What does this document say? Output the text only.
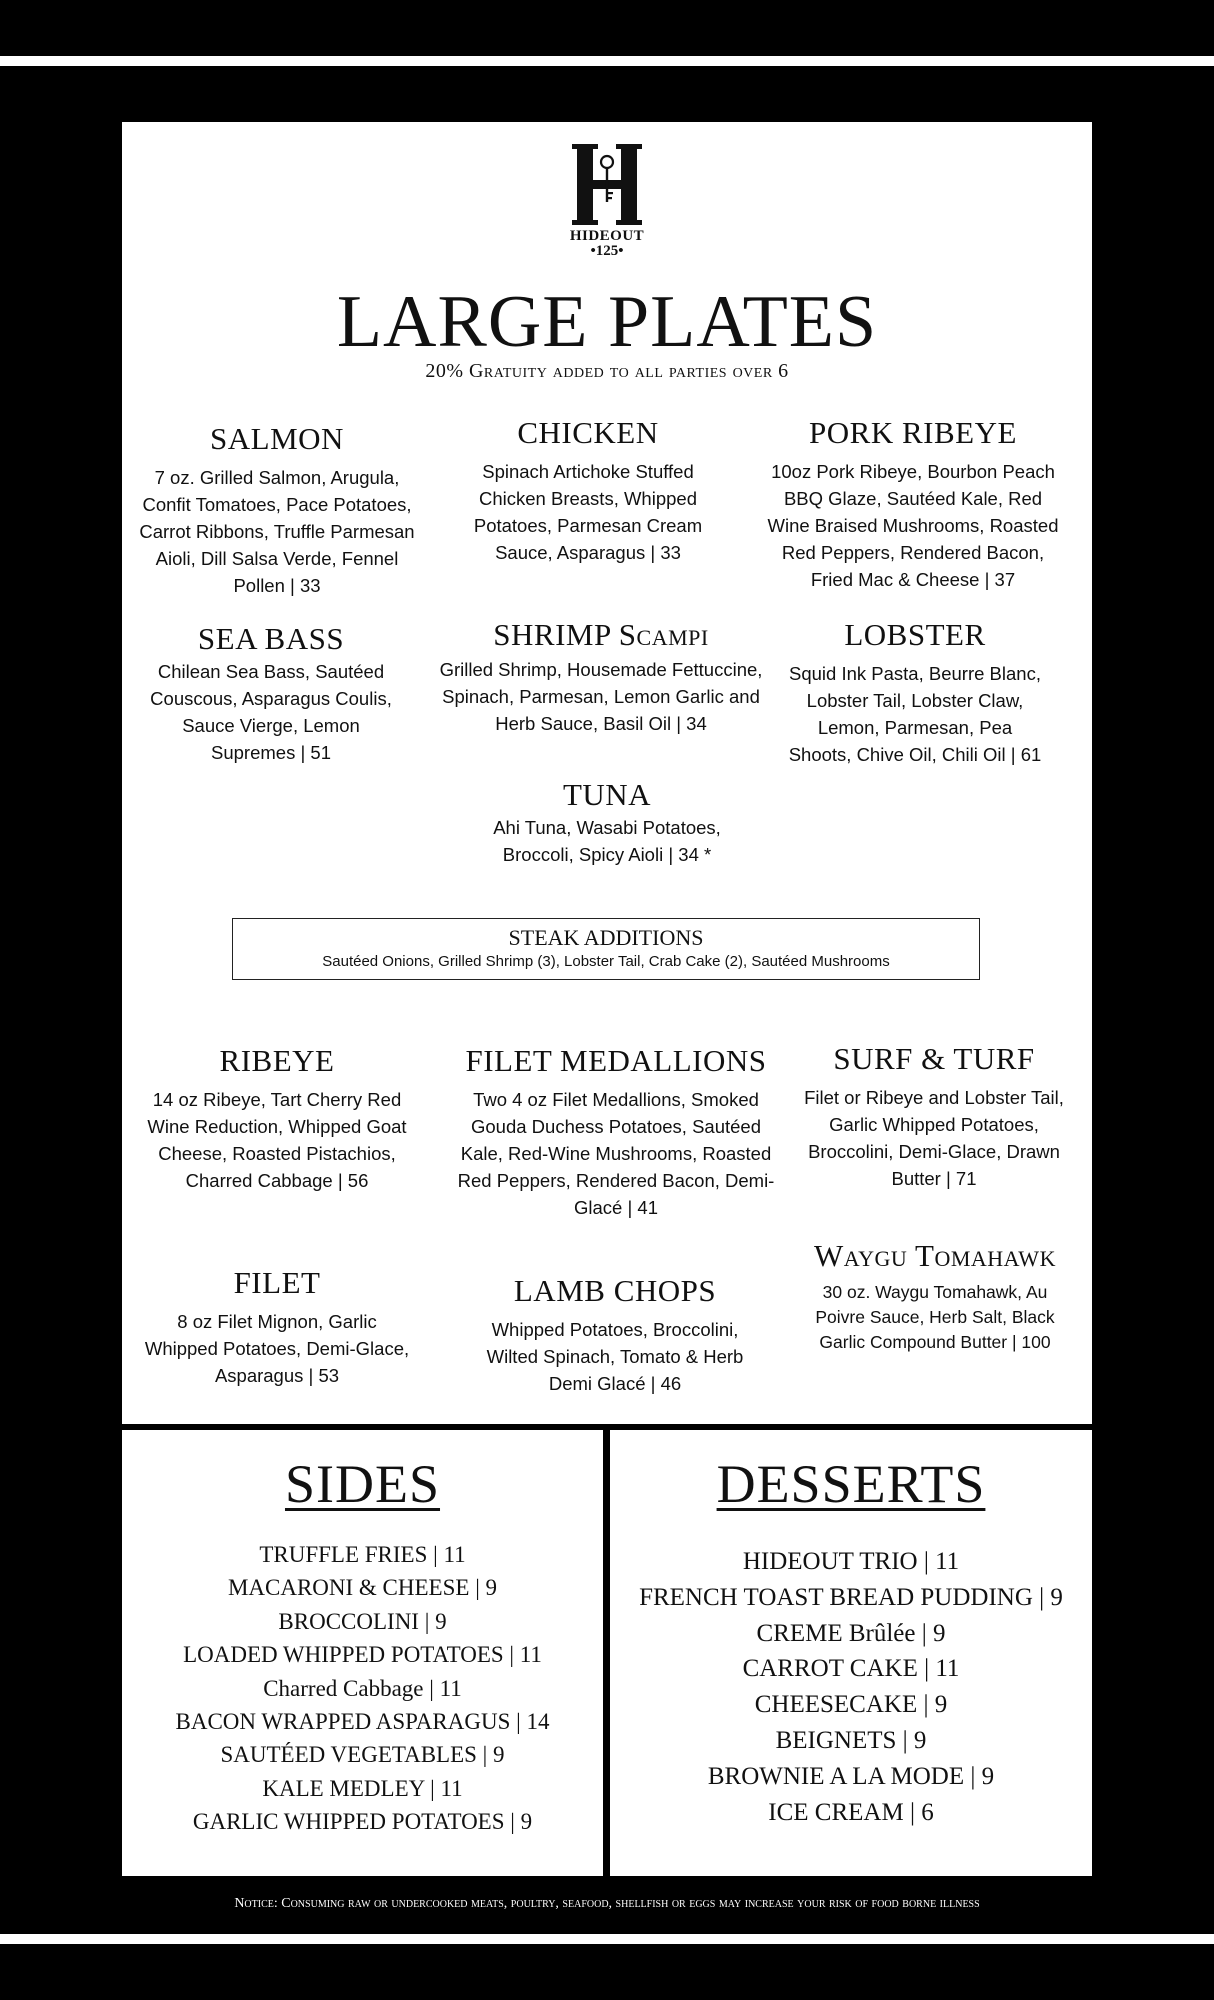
HIDEOUT
•125•
LARGE PLATES
20% Gratuity added to all parties over 6
SALMON
7 oz. Grilled Salmon, Arugula, Confit Tomatoes, Pace Potatoes, Carrot Ribbons, Truffle Parmesan Aioli, Dill Salsa Verde, Fennel Pollen | 33
CHICKEN
Spinach Artichoke Stuffed Chicken Breasts, Whipped Potatoes, Parmesan Cream Sauce, Asparagus | 33
PORK RIBEYE
10oz Pork Ribeye, Bourbon Peach BBQ Glaze, Sautéed Kale, Red Wine Braised Mushrooms, Roasted Red Peppers, Rendered Bacon, Fried Mac & Cheese | 37
SEA BASS
Chilean Sea Bass, Sautéed Couscous, Asparagus Coulis, Sauce Vierge, Lemon Supremes | 51
SHRIMP Scampi
Grilled Shrimp, Housemade Fettuccine, Spinach, Parmesan, Lemon Garlic and Herb Sauce, Basil Oil | 34
LOBSTER
Squid Ink Pasta, Beurre Blanc, Lobster Tail, Lobster Claw, Lemon, Parmesan, Pea Shoots, Chive Oil, Chili Oil | 61
TUNA
Ahi Tuna, Wasabi Potatoes, Broccoli, Spicy Aioli | 34 *
STEAK ADDITIONS
Sautéed Onions, Grilled Shrimp (3), Lobster Tail, Crab Cake (2), Sautéed Mushrooms
RIBEYE
14 oz Ribeye, Tart Cherry Red Wine Reduction, Whipped Goat Cheese, Roasted Pistachios, Charred Cabbage | 56
FILET MEDALLIONS
Two 4 oz Filet Medallions, Smoked Gouda Duchess Potatoes, Sautéed Kale, Red-Wine Mushrooms, Roasted Red Peppers, Rendered Bacon, Demi-Glacé | 41
SURF & TURF
Filet or Ribeye and Lobster Tail, Garlic Whipped Potatoes, Broccolini, Demi-Glace, Drawn Butter | 71
FILET
8 oz Filet Mignon, Garlic Whipped Potatoes, Demi-Glace, Asparagus | 53
LAMB CHOPS
Whipped Potatoes, Broccolini, Wilted Spinach, Tomato & Herb Demi Glacé | 46
Waygu Tomahawk
30 oz. Waygu Tomahawk, Au Poivre Sauce, Herb Salt, Black Garlic Compound Butter | 100
SIDES
TRUFFLE FRIES | 11
MACARONI & CHEESE | 9
BROCCOLINI | 9
LOADED WHIPPED POTATOES | 11
Charred Cabbage | 11
BACON WRAPPED ASPARAGUS | 14
SAUTÉED VEGETABLES | 9
KALE MEDLEY | 11
GARLIC WHIPPED POTATOES | 9
DESSERTS
HIDEOUT TRIO | 11
FRENCH TOAST BREAD PUDDING | 9
CREME Brûlée | 9
CARROT CAKE | 11
CHEESECAKE | 9
BEIGNETS | 9
BROWNIE A LA MODE | 9
ICE CREAM | 6
Notice: Consuming raw or undercooked meats, poultry, seafood, shellfish or eggs may increase your risk of food borne illness
